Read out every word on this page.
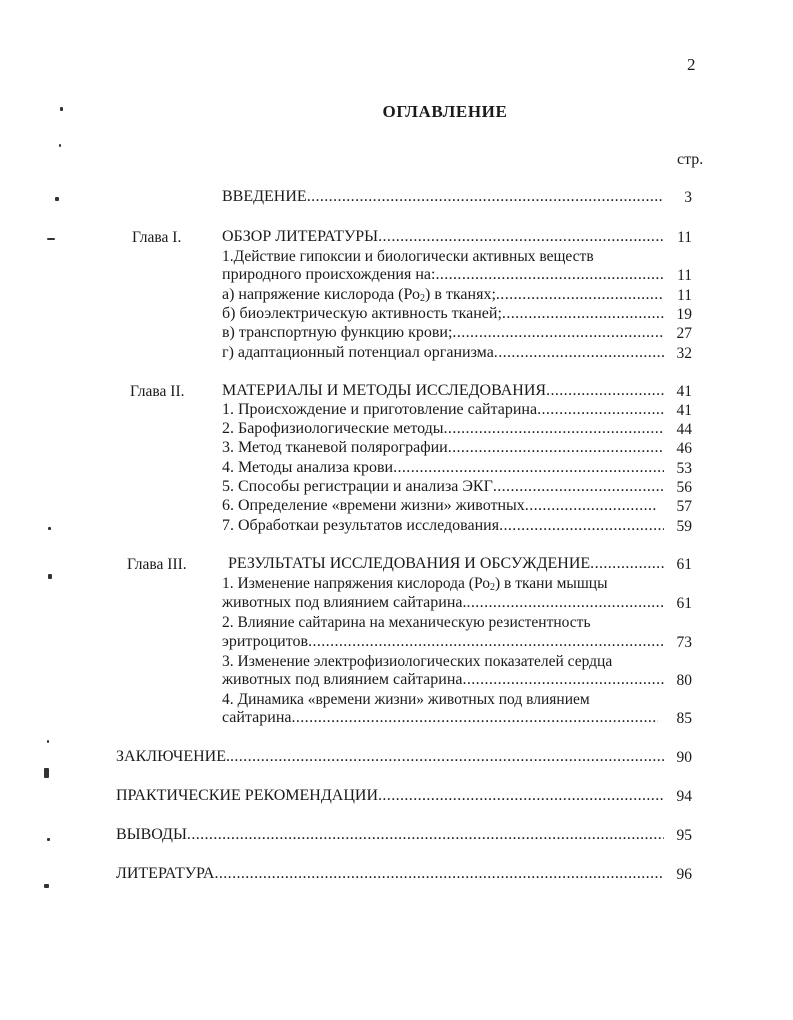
2
ОГЛАВЛЕНИЕ
стр.
ВВЕДЕНИЕ .....	3
Глава I.	ОБЗОР ЛИТЕРАТУРЫ .....	11
1.Действие гипоксии и биологически активных веществ
природного происхождения на: .....	11
а) напряжение кислорода $(Ро_2)$ в тканях; .....	11
б) биоэлектрическую активность тканей; .....	19
в) транспортную функцию крови; .....	27
г) адаптационный потенциал организма .....	32
Глава II. МАТЕРИАЛЫ И МЕТОДЫ ИССЛЕДОВАНИЯ .....	41
1. Происхождение и приготовление сайтарина .....	41
2. Барофизиологические методы .....	44
3. Метод тканевой полярографии .....	46
4. Методы анализа крови .....	53
5. Способы регистрации и анализа ЭКГ .....	56
6. Определение «времени жизни» животных .....	57
7. Обработкаи результатов исследования .....	59
Глава III.	РЕЗУЛЬТАТЫ ИССЛЕДОВАНИЯ И ОБСУЖДЕНИЕ .....	61
1. Изменение напряжения кислорода $(Ро_2)$ в ткани мышцы
животных под влиянием сайтарина. .....	61
2. Влияние сайтарина на механическую резистентность
эритроцитов .....	73
3. Изменение электрофизиологических показателей сердца
животных под влиянием сайтарина .....	80
4. Динамика «времени жизни» животных под влиянием
сайтарина .....	85
ЗАКЛЮЧЕНИЕ. .....	90
ПРАКТИЧЕСКИЕ РЕКОМЕНДАЦИИ .....	94
ВЫВОДЫ .....	95
ЛИТЕРАТУРА .....	96
